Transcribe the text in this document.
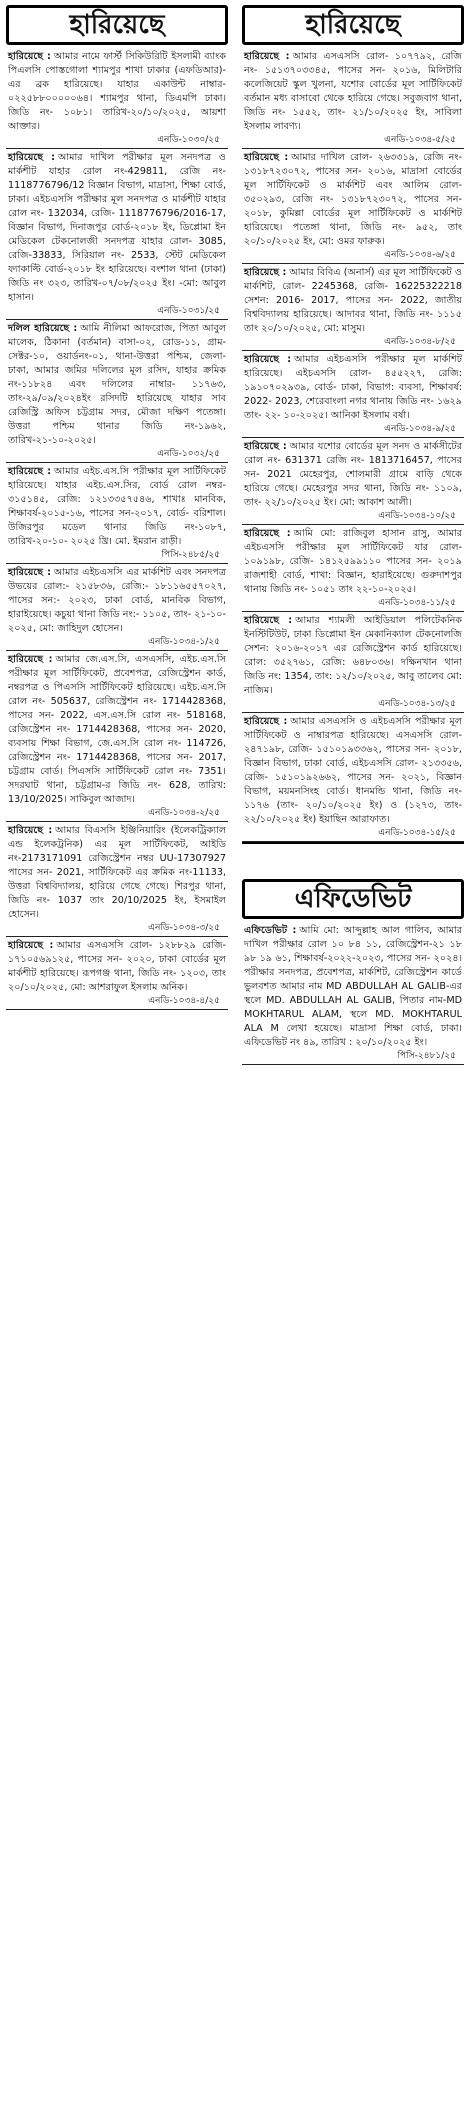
হারিয়েছে
হারিয়েছে : আমার নামে ফার্স্ট সিকিউরিটি ইসলামী ব্যাংক পিএলসি পোস্তগোলা শ্যামপুর শাখা ঢাকার (এফডিআর)-এর ব্রক হারিয়েছে। যাহার একাউন্ট নাম্বার- ০২২৫৮৮০০০০০৬৪। শ্যামপুর থানা, ডিএমপি ঢাকা। জিডি নং- ১০৮১। তারিখ-২০/১০/২০২৫, আয়শা আক্তার।
এনডি-১০৩০/২৫
হারিয়েছে : আমার দাখিল পরীক্ষার মূল সনদপত্র ও মার্কশীট যাহার রোল নং-429811, রেজি নং- 1118776796/12 বিজ্ঞান বিভাগ, মাদ্রাসা, শিক্ষা বোর্ড, ঢাকা। এইচএসসি পরীক্ষার মূল সনদপত্র ও মার্কশীট যাহার রোল নং- 132034, রেজি- 1118776796/2016-17, বিজ্ঞান বিভাগ, দিনাজপুর বোর্ড-২০১৮ ইং, ডিপ্লোমা ইন মেডিকেল টেকনোলজী সনদপত্র যাহার রোল- 3085, রেজি-33833, সিরিয়াল নং- 2533, স্টেট মেডিকেল ফ্যাকাল্টি বোর্ড-২০১৮ ইং হারিয়েছে। বংশাল থানা (ঢাকা) জিডি নং ৩২৩, তারিখ-০৭/০৮/২০২৫ ইং। -মো: আবুল হাসান।
এনডি-১০৩১/২৫
দলিল হারিয়েছে : আমি নীলিমা আফরোজ, পিতা আবুল মালেক, ঠিকানা (বর্তমান) বাসা-০২, রোড-১১, গ্রাম-সেক্টর-১০, ওয়ার্ডনং-০১, থানা-উত্তরা পশ্চিম, জেলা-ঢাকা, আমার জমির দলিলের মূল রসিদ, যাহার ক্রমিক নং-১১৮২৪ এবং দলিলের নাম্বার- ১১৭৬৩, তাং-২৯/০৯/২০২৪ইং রসিদটি হারিয়েছে যাহার সাব রেজিস্ট্রি অফিস চট্টগ্রাম সদর, মৌজা দক্ষিণ পতেঙ্গা। উত্তরা পশ্চিম থানার জিডি নং-১৯৬২, তারিখ-২১-১০-২০২৫।
এনডি-১০৩২/২৫
হারিয়েছে : আমার এইচ.এস.সি পরীক্ষার মূল সার্টিফিকেট হারিয়েছে। যাহার এইচ.এস.সির, বোর্ড রোল নম্বর- ৩১৫১৪৫, রেজি: ১২১৩৩৫৭৫৪৬, শাখাঃ মানবিক, শিক্ষাবর্ষ-২০১৫-১৬, পাসের সন-২০১৭, বোর্ড- বরিশাল। উজিরপুর মডেল থানার জিডি নং-১০৮৭, তারিখ-২০-১০- ২০২৫ খ্রি। মো. ইমরান রাড়ী।
পিসি-২৪৮৫/২৫
হারিয়েছে : আমার এইচএসসি এর মার্কশিট এবং সনদপত্র উভয়ের রোল:- ২১৫৮৩৬, রেজি:- ১৮১১৬৫৫৭০২৭, পাসের সন:- ২০২৩, ঢাকা বোর্ড, মানবিক বিভাগ, হারাইয়েছে। কচুয়া থানা জিডি নং:- ১১০৫, তাং- ২১-১০- ২০২৫, মো: জাহিদুল হোসেন।
এনডি-১০৩৪-১/২৫
হারিয়েছে : আমার জে.এস.সি, এসএসসি, এইচ.এস.সি পরীক্ষার মূল সার্টিফিকেট, প্রবেশপত্র, রেজিস্ট্রেশন কার্ড, নম্বরপত্র ও পিএসসি সার্টিফিকেট হারিয়েছে। এইচ.এস.সি রোল নং- 505637, রেজিস্ট্রেশন নং- 1714428368, পাসের সন- 2022, এস.এস.সি রোল নং- 518168, রেজিস্ট্রেশন নং- 1714428368, পাসের সন- 2020, ব্যবসায় শিক্ষা বিভাগ, জে.এস.সি রোল নং- 114726, রেজিস্ট্রেশন নং- 1714428368, পাসের সন- 2017, চট্টগ্রাম বোর্ড। পিএসসি সার্টিফিকেট রোল নং- 7351। সদরঘাট থানা, চট্টগ্রাম-র জিডি নং- 628, তারিখ: 13/10/2025। সাকিবুল আজাদ।
এনডি-১০৩৪-২/২৫
হারিয়েছে : আমার বিএসসি ইঞ্জিনিয়ারিং (ইলেকট্রিক্যাল এন্ড ইলেকট্রনিক) এর মূল সার্টিফিকেট, আইডি নং-2173171091 রেজিস্ট্রেশন নম্বর UU-17307927 পাসের সন- 2021, সার্টিফিকেট এর ক্রমিক নং-11133, উত্তরা বিশ্ববিদ্যালয়, হারিয়ে গেছে গেছে। শিরপুর থানা, জিডি নং- 1037 তাং 20/10/2025 ইং, ইসমাইল হোসেন।
এনডি-১০৩৪-৩/২৫
হারিয়েছে : আমার এসএসসি রোল- ১২৮৮২৯ রেজি- ১৭১০৫৬৯১২৫, পাসের সন- ২০২০, ঢাকা বোর্ডের মূল মার্কশীট হারিয়েছে। রূপগঞ্জ থানা, জিডি নং- ১২০৩, তাং ২০/১০/২০২৫, মো: আশরাফুল ইসলাম অনিক।
এনডি-১০৩৪-৪/২৫
হারিয়েছে
হারিয়েছে : আমার এসএসসি রোল- ১০৭৭৯২, রেজি নং- ১৫১৩৭০৩৩৪৫, পাসের সন- ২০১৬, মিলিটারি কলেজিয়েট স্কুল খুলনা, যশোর বোর্ডের মূল সার্টিফিকেট বর্তমান মধ্য বাসাবো থেকে হারিয়ে গেছে। সবুজবাগ থানা, জিডি নং- ১৫৫২, তাং- ২১/১০/২০২৫ ইং, সাবিলা ইসলাম লাবণ্য।
এনডি-১০৩৪-৫/২৫
হারিয়েছে : আমার দাখিল রোল- ২৬৩৩১৯, রেজি নং- ১৩১৮৭২৩০৭২, পাসের সন- ২০১৬, মাদ্রাসা বোর্ডের মূল সার্টিফিকেট ও মার্কশিট এবং আলিম রোল- ৩৫০২৯৩, রেজি নং- ১৩১৮৭২৩০৭২, পাসের সন- ২০১৮, কুমিল্লা বোর্ডের মূল সার্টিফিকেট ও মার্কশিট হারিয়েছে। পতেঙ্গা থানা, জিডি নং- ৯৫২, তাং ২০/১০/২০২৫ ইং, মো: ওমর ফারুক।
এনডি-১০৩৪-৬/২৫
হারিয়েছে : আমার বিবিএ (অনার্স) এর মূল সার্টিফিকেট ও মার্কশিট, রোল- 2245368, রেজি- 16225322218 সেশন: 2016- 2017, পাসের সন- 2022, জাতীয় বিশ্ববিদ্যালয় হারিয়েছে। আদাবর থানা, জিডি নং- ১১১৫ তাং ২০/১০/২০২৫, মো: মাসুম।
এনডি-১০৩৪-৮/২৫
হারিয়েছে : আমার এইচএসসি পরীক্ষার মূল মার্কশিট হারিয়েছে। এইচএসসি রোল- ৪৫৫২২৭, রেজি: ১৯১০৭০২৯৩৯, বোর্ড- ঢাকা, বিভাগ: ব্যবসা, শিক্ষাবর্ষ: 2022- 2023, শেরেবাংলা নগর থানায় জিডি নং- ১৬২৯ তাং- ২২- ১০-২০২৫। আনিকা ইসলাম বর্ষা।
এনডি-১০৩৪-৯/২৫
হারিয়েছে : আমার যশোর বোর্ডের মূল সনদ ও মার্কসীটের রোল নং- 631371 রেজি নং- 1813716457, পাসের সন- 2021 মেহেরপুর, শোলমারী গ্রামে বাড়ি থেকে হারিয়ে গেছে। মেহেরপুর সদর থানা, জিডি নং- ১১০৯, তাং- ২২/১০/২০২৫ ইং। মো: আকাশ আলী।
এনডি-১০৩৪-১০/২৫
হারিয়েছে : আমি মো: রাজিবুল হাসান রাসু, আমার এইচএসসি পরীক্ষার মূল সার্টিফিকেট যার রোল- ১০৯১৯৮, রেজি- ১৪১২৫৯৯১১০ পাসের সন- ২০১৯ রাজশাহী বোর্ড, শাখা: বিজ্ঞান, হারাইয়েছে। গুরুদাশপুর থানায় জিডি নং- ১০৫১ তাং ২২-১০-২০২৫।
এনডি-১০৩৪-১১/২৫
হারিয়েছে : আমার শ্যামলী আইডিয়াল পলিটেকনিক ইনস্টিটিউট, ঢাকা ডিপ্লোমা ইন মেকানিক্যাল টেকনোলজি সেশন: ২০১৬-২০১৭ এর রেজিস্ট্রেশন কার্ড হারিয়েছে। রোল: ৩৫২৭৬১, রেজি: ৬৪৮০৩৬। দক্ষিনখান থানা জিডি নং: 1354, তাং: ১২/১০/২০২৫, আবু তালেব মো: নাজিম।
এনডি-১০৩৪-১৩/২৫
হারিয়েছে : আমার এসএসসি ও এইচএসসি পরীক্ষার মূল সার্টিফিকেট ও নাম্বারপত্র হারিয়েছে। এসএসসি রোল- ২৪৭১৯৮, রেজি- ১৫১০১৯৩৩৬২, পাসের সন- ২০১৮, বিজ্ঞান বিভাগ, ঢাকা বোর্ড, এইচএসসি রোল- ২১৩৩৫৬, রেজি- ১৫১০১৯২৬৬২, পাসের সন- ২০২১, বিজ্ঞান বিভাগ, ময়মনসিংহ বোর্ড। ধানমন্ডি থানা, জিডি নং- ১১৭৬ (তাং- ২০/১০/২০২৫ ইং) ও (১২৭৩, তাং- ২২/১০/২০২৫ ইং) ইয়াছিন আরাফাত।
এনডি-১০৩৪-১৫/২৫
এফিডেভিট
এফিডেভিট : আমি মো: আব্দুল্লাহ আল গালিব, আমার দাখিল পরীক্ষার রোল ১০ ৮৪ ১১, রেজিস্ট্রেশন-২১ ১৮ ৯৮ ১৯ ৬১, শিক্ষাবর্ষ-২০২২-২০২৩, পাসের সন- ২০২৪। পরীক্ষার সনদপত্র, প্রবেশপত্র, মার্কশিট, রেজিস্ট্রেশন কার্ডে ভুলবশত আমার নাম MD ABDULLAH AL GALIB-এর স্থলে MD. ABDULLAH AL GALIB, পিতার নাম-MD MOKHTARUL ALAM, স্থলে MD. MOKHTARUL ALA M লেখা হয়েছে। মাদ্রাসা শিক্ষা বোর্ড, ঢাকা। এফিডেভিট নং ৪৯, তারিখ : ২০/১০/২০২৫ ইং।
পিসি-২৪৮১/২৫
